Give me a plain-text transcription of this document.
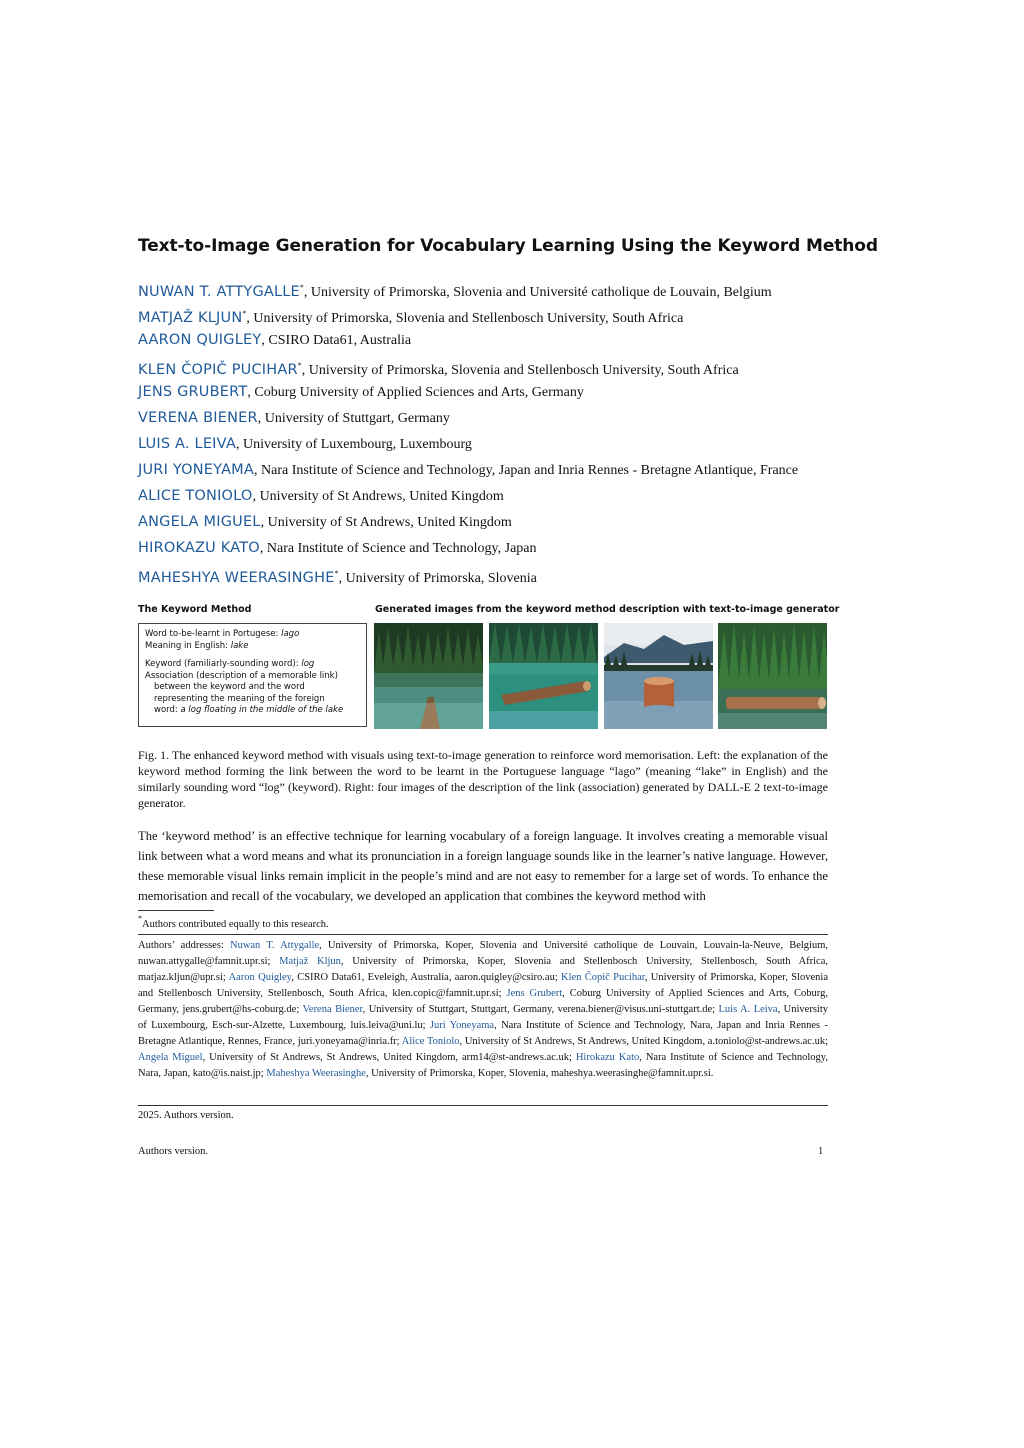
Text-to-Image Generation for Vocabulary Learning Using the Keyword Method
NUWAN T. ATTYGALLE*, University of Primorska, Slovenia and Université catholique de Louvain, Belgium
MATJAŽ KLJUN*, University of Primorska, Slovenia and Stellenbosch University, South Africa
AARON QUIGLEY, CSIRO Data61, Australia
KLEN ČOPIČ PUCIHAR*, University of Primorska, Slovenia and Stellenbosch University, South Africa
JENS GRUBERT, Coburg University of Applied Sciences and Arts, Germany
VERENA BIENER, University of Stuttgart, Germany
LUIS A. LEIVA, University of Luxembourg, Luxembourg
JURI YONEYAMA, Nara Institute of Science and Technology, Japan and Inria Rennes - Bretagne Atlantique, France
ALICE TONIOLO, University of St Andrews, United Kingdom
ANGELA MIGUEL, University of St Andrews, United Kingdom
HIROKAZU KATO, Nara Institute of Science and Technology, Japan
MAHESHYA WEERASINGHE*, University of Primorska, Slovenia
The Keyword Method	Generated images from the keyword method description with text-to-image generator
Word to-be-learnt in Portugese: lago
Meaning in English: lake
Keyword (familiarly-sounding word): log
Association (description of a memorable link)
between the keyword and the word
representing the meaning of the foreign
word: a log floating in the middle of the lake
Fig. 1. The enhanced keyword method with visuals using text-to-image generation to reinforce word memorisation. Left: the explanation of the keyword method forming the link between the word to be learnt in the Portuguese language “lago” (meaning “lake” in English) and the similarly sounding word “log” (keyword). Right: four images of the description of the link (association) generated by DALL-E 2 text-to-image generator.
The ‘keyword method’ is an effective technique for learning vocabulary of a foreign language. It involves creating a memorable visual link between what a word means and what its pronunciation in a foreign language sounds like in the learner’s native language. However, these memorable visual links remain implicit in the people’s mind and are not easy to remember for a large set of words. To enhance the memorisation and recall of the vocabulary, we developed an application that combines the keyword method with
*Authors contributed equally to this research.
Authors’ addresses: Nuwan T. Attygalle, University of Primorska, Koper, Slovenia and Université catholique de Louvain, Louvain-la-Neuve, Belgium, nuwan.attygalle@famnit.upr.si; Matjaž Kljun, University of Primorska, Koper, Slovenia and Stellenbosch University, Stellenbosch, South Africa, matjaz.kljun@upr.si; Aaron Quigley, CSIRO Data61, Eveleigh, Australia, aaron.quigley@csiro.au; Klen Čopič Pucihar, University of Primorska, Koper, Slovenia and Stellenbosch University, Stellenbosch, South Africa, klen.copic@famnit.upr.si; Jens Grubert, Coburg University of Applied Sciences and Arts, Coburg, Germany, jens.grubert@hs-coburg.de; Verena Biener, University of Stuttgart, Stuttgart, Germany, verena.biener@visus.uni-stuttgart.de; Luis A. Leiva, University of Luxembourg, Esch-sur-Alzette, Luxembourg, luis.leiva@uni.lu; Juri Yoneyama, Nara Institute of Science and Technology, Nara, Japan and Inria Rennes - Bretagne Atlantique, Rennes, France, juri.yoneyama@inria.fr; Alice Toniolo, University of St Andrews, St Andrews, United Kingdom, a.toniolo@st-andrews.ac.uk; Angela Miguel, University of St Andrews, St Andrews, United Kingdom, arm14@st-andrews.ac.uk; Hirokazu Kato, Nara Institute of Science and Technology, Nara, Japan, kato@is.naist.jp; Maheshya Weerasinghe, University of Primorska, Koper, Slovenia, maheshya.weerasinghe@famnit.upr.si.
2025. Authors version.
Authors version.	1
